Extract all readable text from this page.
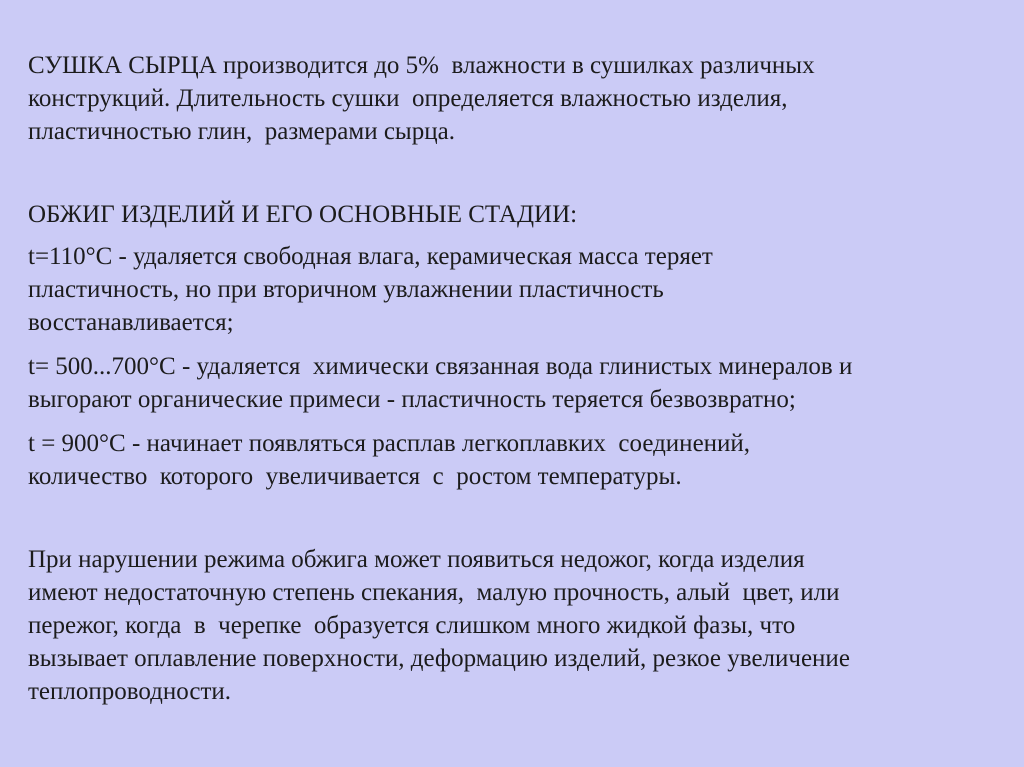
СУШКА СЫРЦА производится до 5%  влажности в сушилках различных
конструкций. Длительность сушки  определяется влажностью изделия,
пластичностью глин,  размерами сырца.

ОБЖИГ ИЗДЕЛИЙ И ЕГО ОСНОВНЫЕ СТАДИИ:

t=110°С - удаляется свободная влага, керамическая масса теряет
пластичность, но при вторичном увлажнении пластичность
восстанавливается;

t= 500...700°С - удаляется  химически связанная вода глинистых минералов и
выгорают органические примеси - пластичность теряется безвозвратно;

t = 900°С - начинает появляться расплав легкоплавких  соединений,
количество  которого  увеличивается  с  ростом температуры.

При нарушении режима обжига может появиться недожог, когда изделия
имеют недостаточную степень спекания,  малую прочность, алый  цвет, или
пережог, когда  в  черепке  образуется слишком много жидкой фазы, что
вызывает оплавление поверхности, деформацию изделий, резкое увеличение
теплопроводности.
